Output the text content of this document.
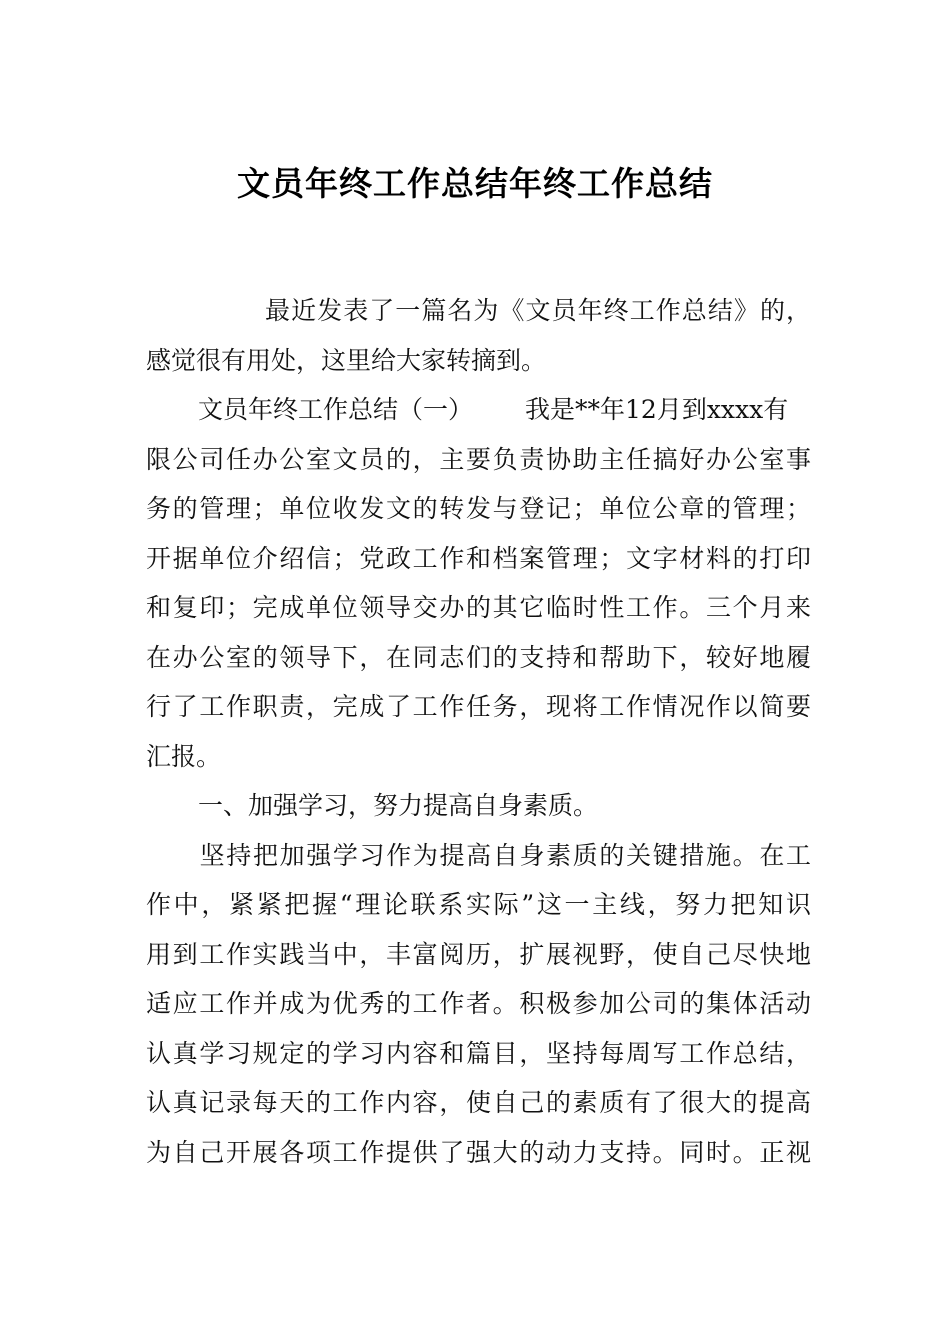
文员年终工作总结年终工作总结
最近发表了一篇名为《文员年终工作总结》的，
感觉很有用处，这里给大家转摘到。
文员年终工作总结（一） 我是**年12月到xxxx有
限公司任办公室文员的，主要负责协助主任搞好办公室事
务的管理；单位收发文的转发与登记；单位公章的管理；
开据单位介绍信；党政工作和档案管理；文字材料的打印
和复印；完成单位领导交办的其它临时性工作。三个月来
在办公室的领导下，在同志们的支持和帮助下，较好地履
行了工作职责，完成了工作任务，现将工作情况作以简要
汇报。
一、加强学习，努力提高自身素质。
坚持把加强学习作为提高自身素质的关键措施。在工
作中，紧紧把握“理论联系实际”这一主线，努力把知识
用到工作实践当中，丰富阅历，扩展视野，使自己尽快地
适应工作并成为优秀的工作者。积极参加公司的集体活动
认真学习规定的学习内容和篇目，坚持每周写工作总结，
认真记录每天的工作内容，使自己的素质有了很大的提高
为自己开展各项工作提供了强大的动力支持。同时。正视
